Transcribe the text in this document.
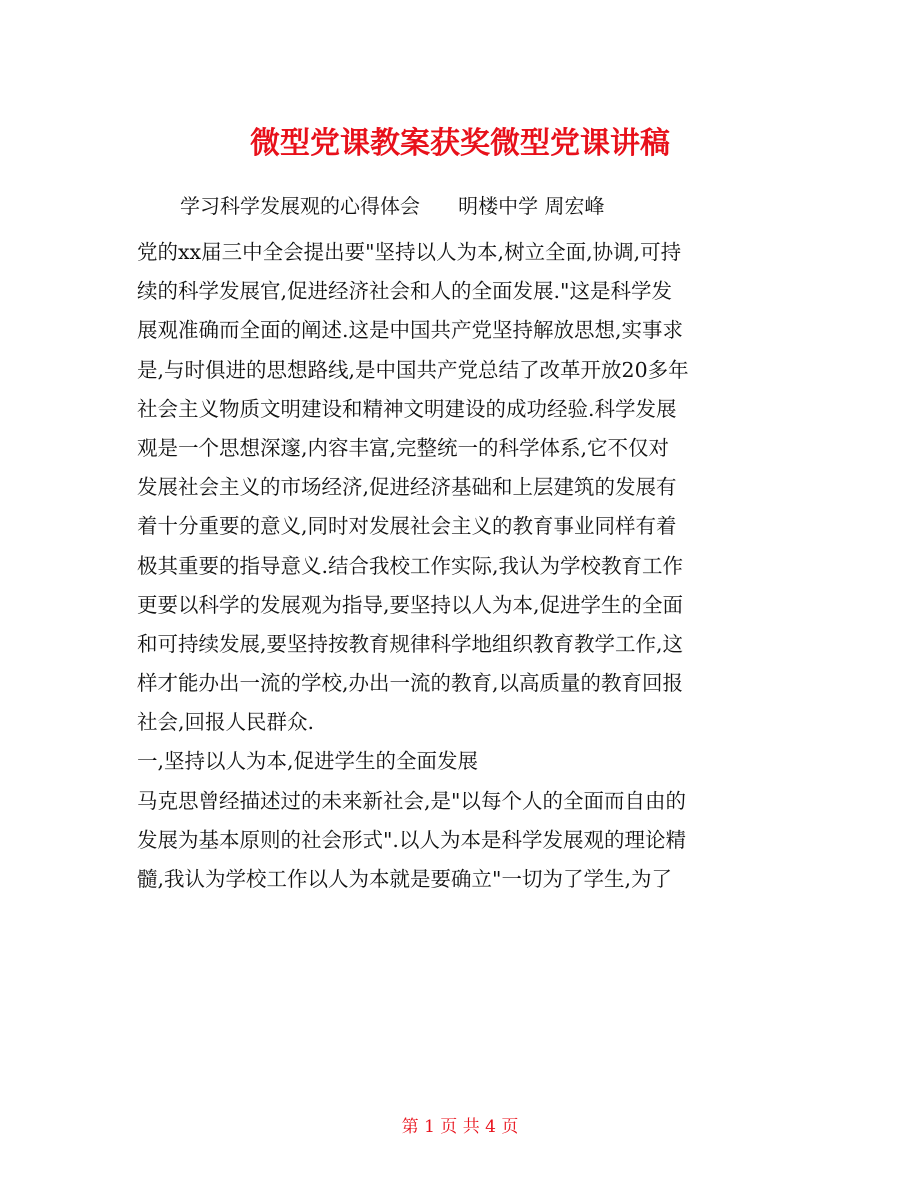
微型党课教案获奖微型党课讲稿
学习科学发展观的心得体会      明楼中学 周宏峰
党的xx届三中全会提出要"坚持以人为本,树立全面,协调,可持
续的科学发展官,促进经济社会和人的全面发展."这是科学发
展观准确而全面的阐述.这是中国共产党坚持解放思想,实事求
是,与时俱进的思想路线,是中国共产党总结了改革开放20多年
社会主义物质文明建设和精神文明建设的成功经验.科学发展
观是一个思想深邃,内容丰富,完整统一的科学体系,它不仅对
发展社会主义的市场经济,促进经济基础和上层建筑的发展有
着十分重要的意义,同时对发展社会主义的教育事业同样有着
极其重要的指导意义.结合我校工作实际,我认为学校教育工作
更要以科学的发展观为指导,要坚持以人为本,促进学生的全面
和可持续发展,要坚持按教育规律科学地组织教育教学工作,这
样才能办出一流的学校,办出一流的教育,以高质量的教育回报
社会,回报人民群众.
一,坚持以人为本,促进学生的全面发展
马克思曾经描述过的未来新社会,是"以每个人的全面而自由的
发展为基本原则的社会形式".以人为本是科学发展观的理论精
髓,我认为学校工作以人为本就是要确立"一切为了学生,为了
第 1 页 共 4 页
